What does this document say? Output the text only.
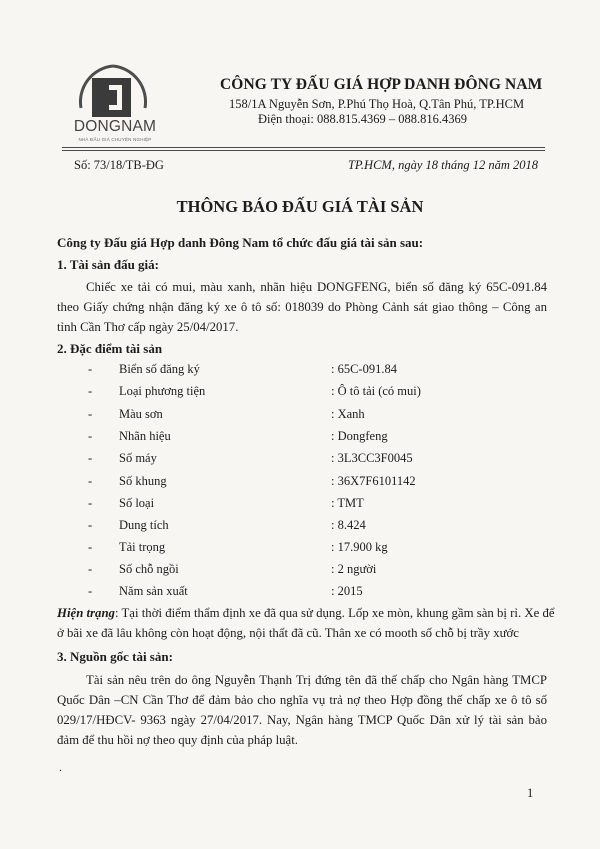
DONGNAM
NHÀ ĐẤU GIÁ CHUYÊN NGHIỆP
CÔNG TY ĐẤU GIÁ HỢP DANH ĐÔNG NAM
158/1A Nguyễn Sơn, P.Phú Thọ Hoà, Q.Tân Phú, TP.HCM
Điện thoại: 088.815.4369 – 088.816.4369
Số: 73/18/TB-ĐG	TP.HCM, ngày 18 tháng 12 năm 2018
THÔNG BÁO ĐẤU GIÁ TÀI SẢN
Công ty Đấu giá Hợp danh Đông Nam tổ chức đấu giá tài sản sau:
1. Tài sản đấu giá:
Chiếc xe tải có mui, màu xanh, nhãn hiệu DONGFENG, biển số đăng ký 65C-091.84 theo Giấy chứng nhận đăng ký xe ô tô số: 018039 do Phòng Cảnh sát giao thông – Công an tỉnh Cần Thơ cấp ngày 25/04/2017.
2. Đặc điểm tài sản
- Biển số đăng ký	: 65C-091.84
- Loại phương tiện	: Ô tô tải (có mui)
- Màu sơn	: Xanh
- Nhãn hiệu	: Dongfeng
- Số máy	: 3L3CC3F0045
- Số khung	: 36X7F6101142
- Số loại	: TMT
- Dung tích	: 8.424
- Tải trọng	: 17.900 kg
- Số chỗ ngồi	: 2 người
- Năm sản xuất	: 2015
Hiện trạng: Tại thời điểm thẩm định xe đã qua sử dụng. Lốp xe mòn, khung gầm sàn bị rỉ. Xe để ở bãi xe đã lâu không còn hoạt động, nội thất đã cũ. Thân xe có mooth số chỗ bị trầy xước
3. Nguồn gốc tài sản:
Tài sản nêu trên do ông Nguyễn Thạnh Trị đứng tên đã thế chấp cho Ngân hàng TMCP Quốc Dân –CN Cần Thơ để đảm bảo cho nghĩa vụ trả nợ theo Hợp đồng thế chấp xe ô tô số 029/17/HĐCV- 9363 ngày 27/04/2017. Nay, Ngân hàng TMCP Quốc Dân xử lý tài sản bảo đảm để thu hồi nợ theo quy định của pháp luật.
.
1
